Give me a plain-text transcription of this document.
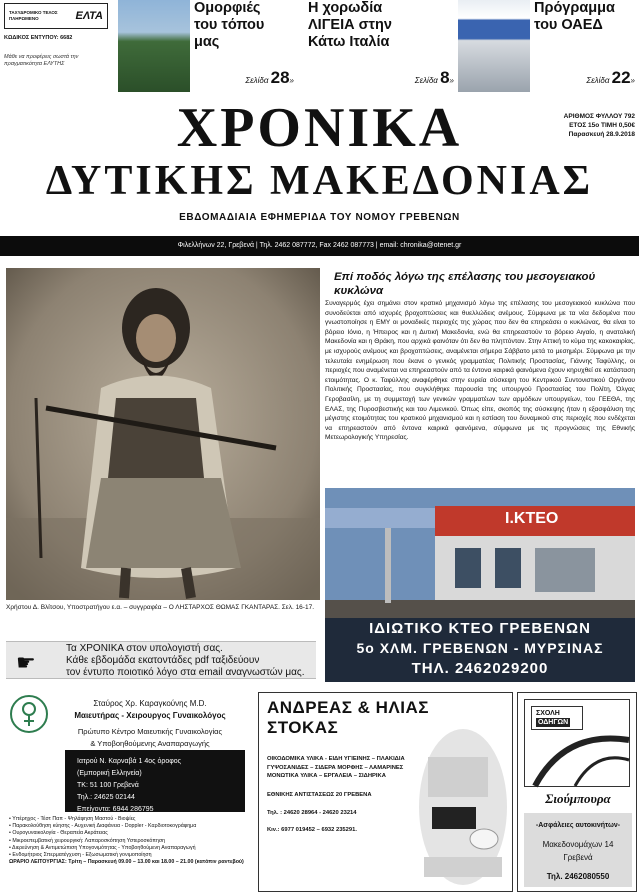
ΤΑΧΥΔΡΟΜΙΚΟ ΤΕΛΟΣ ΠΛΗΡΩΜΕΝΟ	ΕΛΤΑ
ΚΩΔΙΚΟΣ ΕΝΤΥΠΟΥ: 6682
Μάθε να προφέρεις σωστά την πραγματικότητα ΕΛΥΤΗΣ
Ομορφιές του τόπου μας
Σελίδα 28»
Η χορωδία ΛΙΓΕΙΑ στην Κάτω Ιταλία
Σελίδα 8»
Πρόγραμμα του ΟΑΕΔ
Σελίδα 22»
ΑΡΙΘΜΟΣ ΦΥΛΛΟΥ 792
ΕΤΟΣ 15ο ΤΙΜΗ 0,50€
Παρασκευή 28.9.2018
ΧΡΟΝΙΚΑ
ΔΥΤΙΚΗΣ ΜΑΚΕΔΟΝΙΑΣ
ΕΒΔΟΜΑΔΙΑΙΑ ΕΦΗΜΕΡΙΔΑ ΤΟΥ ΝΟΜΟΥ ΓΡΕΒΕΝΩΝ
Φιλελλήνων 22, Γρεβενά | Τηλ. 2462 087772, Fax 2462 087773 | email: chronika@otenet.gr
Χρήστου Δ. Βλίτσου, Υποστρατήγου ε.α. – συγγραφέα – Ο ΛΗΣΤΑΡΧΟΣ ΘΩΜΑΣ ΓΚΑΝΤΑΡΑΣ. Σελ. 16-17.
☛
Τα ΧΡΟΝΙΚΑ στον υπολογιστή σας.
Κάθε εβδομάδα εκατοντάδες pdf ταξιδεύουν
τον έντυπο ποιοτικό λόγο στα email αναγνωστών μας.
Επί ποδός λόγω της επέλασης του μεσογειακού κυκλώνα
Συναγερμός έχει σημάνει στον κρατικό μηχανισμό λόγω της επέλασης του μεσογειακού κυκλώνα που συνοδεύεται από ισχυρές βροχοπτώσεις και θυελλώδεις ανέμους. Σύμφωνα με τα νέα δεδομένα που γνωστοποίησε η ΕΜΥ οι μοναδικές περιοχές της χώρας που δεν θα επηρεάσει ο κυκλώνας, θα είναι το βόρειο Ιόνιο, η Ήπειρος και η Δυτική Μακεδονία, ενώ θα επηρεαστούν το βόρειο Αιγαίο, η ανατολική Μακεδονία και η Θράκη, που αρχικά φαινόταν ότι δεν θα πληττόνταν. Στην Αττική το κύμα της κακοκαιρίας, με ισχυρούς ανέμους και βροχοπτώσεις, αναμένεται σήμερα Σάββατο μετά το μεσημέρι. Σύμφωνα με την τελευταία ενημέρωση που έκανε ο γενικός γραμματέας Πολιτικής Προστασίας, Γιάννης Ταφύλλης, οι περιοχές που αναμένεται να επηρεαστούν από τα έντονα καιρικά φαινόμενα έχουν κηρυχθεί σε κατάσταση ετοιμότητας. Ο κ. Ταφύλλης αναφέρθηκε στην ευρεία σύσκεψη του Κεντρικού Συντονιστικού Οργάνου Πολιτικής Προστασίας, που συγκλήθηκε παρουσία της υπουργού Προστασίας του Πολίτη, Όλγας Γεροβασίλη, με τη συμμετοχή των γενικών γραμματέων των αρμόδιων υπουργείων, του ΓΕΕΘΑ, της ΕΛΑΣ, της Πυροσβεστικής και του Λιμενικού. Όπως είπε, σκοπός της σύσκεψης ήταν η εξασφάλιση της μέγιστης ετοιμότητας του κρατικού μηχανισμού και η εστίαση του δυναμικού στις περιοχές που ενδέχεται να επηρεαστούν από έντονα καιρικά φαινόμενα, σύμφωνα με τις προγνώσεις της Εθνικής Μετεωρολογικής Υπηρεσίας.
Ι.ΚΤΕΟ
ΙΔΙΩΤΙΚΟ ΚΤΕΟ ΓΡΕΒΕΝΩΝ
5ο ΧΛΜ. ΓΡΕΒΕΝΩΝ - ΜΥΡΣΙΝΑΣ
ΤΗΛ. 2462029200
Σταύρος Χρ. Καραγκούνης M.D.
Μαιευτήρας - Χειρουργος Γυναικολόγος
Πρώτυπο Κέντρο Μαιευτικής Γυναικολογίας
& Υποβοηθούμενης Αναπαραγωγής
Ιατρού Ν. Καρναβά 1 4ος όροφος
(Εμπορική Ελληνεία)
ΤΚ: 51 100 Γρεβενά
Τηλ.: 24625 02144
Επείγοντα: 6944 286795
• Υπέρηχος - Τέστ Παπ - Ψηλάφηση Μαστού - Βιοψίες
• Παρακολούθηση κύησης - Αυχενική Διαφάνεια - Doppler - Καρδιοτοκογράφημα
• Ουρογυναικολογία - Θεραπεία Ακράτειας
• Μικροεπεμβατική χειρουργική: Λαπαροσκόπηση Υστεροσκόπηση
• Διερεύνηση & Αντιμετώπιση Υπογονιμότητας - Υποβοηθούμενη Αναπαραγωγή
• Ενδομήτριος Σπερματέγχυση - Εξωσωματική γονιμοποίηση
ΩΡΑΡΙΟ ΛΕΙΤΟΥΡΓΙΑΣ: Τρίτη – Παρασκευή 09.00 – 13.00 και 18.00 – 21.00 (κατόπιν ραντεβού)
ΑΝΔΡΕΑΣ & ΗΛΙΑΣ
ΣΤΟΚΑΣ
ΟΙΚΟΔΟΜΙΚΑ ΥΛΙΚΑ - ΕΙΔΗ ΥΓΙΕΙΝΗΣ – ΠΛΑΚΙΔΙΑ ΓΥΨΟΣΑΝΙΔΕΣ – ΣΙΔΕΡΑ ΜΟΡΦΗΣ – ΛΑΜΑΡΙΝΕΣ ΜΟΝΩΤΙΚΑ ΥΛΙΚΑ – ΕΡΓΑΛΕΙΑ – ΣΙΔΗΡΙΚΑ
ΕΘΝΙΚΗΣ ΑΝΤΙΣΤΑΣΕΩΣ 20 ΓΡΕΒΕΝΑ
Τηλ. : 24620 28964 - 24620 23214
Κιν.: 6977 019452 – 6932 235291.
ΣΧΟΛΗ
ΟΔΗΓΩΝ
Σιούμπουρα
-Ασφάλειες αυτοκινήτων-
Μακεδονομάχων 14
Γρεβενά
Τηλ. 2462080550
